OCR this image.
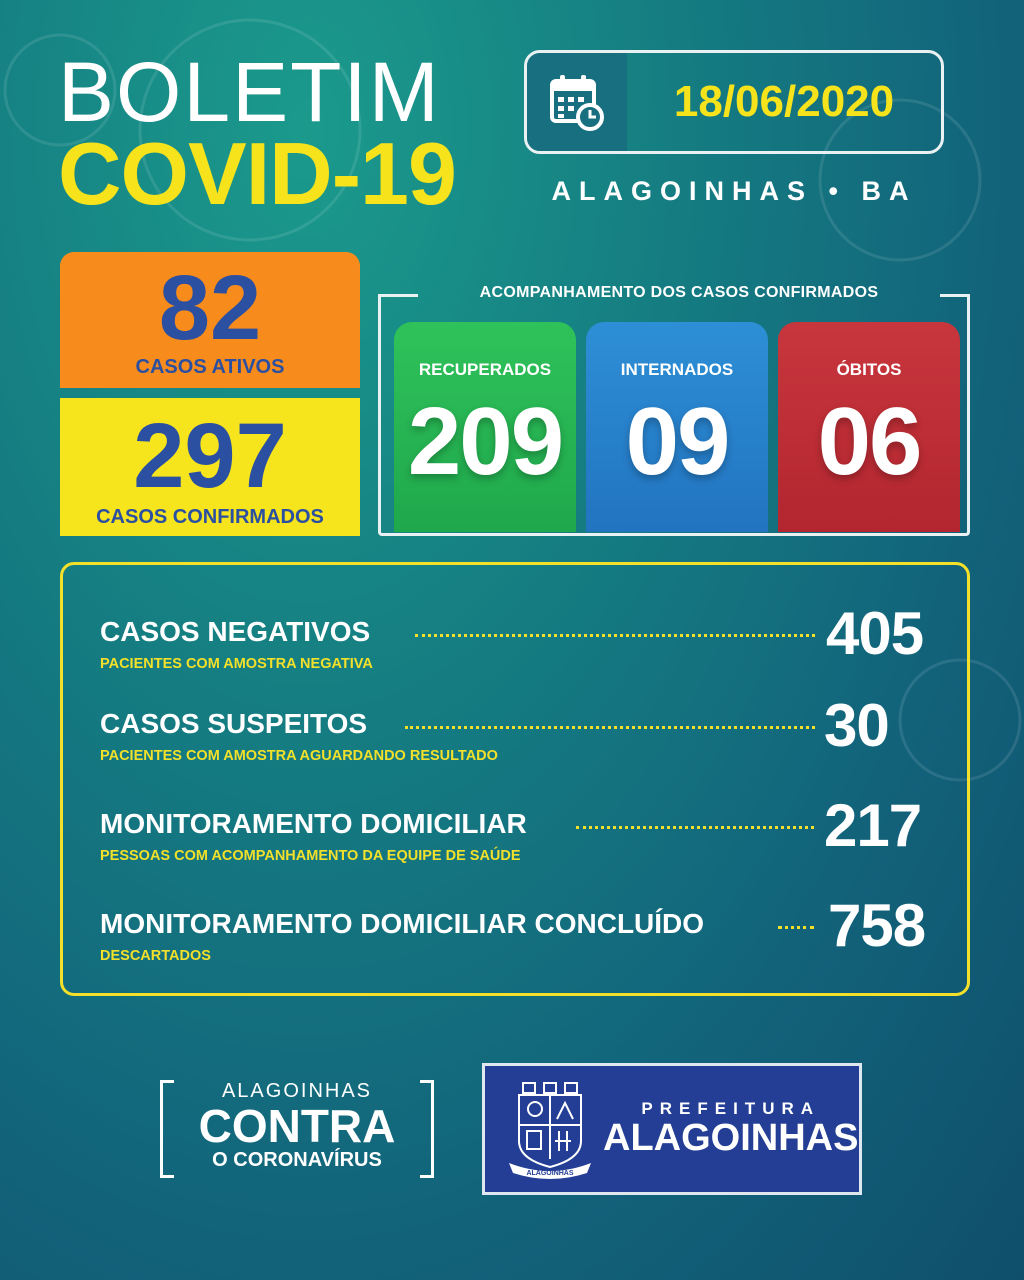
BOLETIM
COVID-19
18/06/2020
ALAGOINHAS • BA
82
CASOS ATIVOS
297
CASOS CONFIRMADOS
ACOMPANHAMENTO DOS CASOS CONFIRMADOS
RECUPERADOS
209
INTERNADOS
09
ÓBITOS
06
CASOS NEGATIVOS
PACIENTES COM AMOSTRA NEGATIVA	405
CASOS SUSPEITOS
PACIENTES COM AMOSTRA AGUARDANDO RESULTADO	30
MONITORAMENTO DOMICILIAR
PESSOAS COM ACOMPANHAMENTO DA EQUIPE DE SAÚDE	217
MONITORAMENTO DOMICILIAR CONCLUÍDO
DESCARTADOS	758
ALAGOINHAS
CONTRA
O CORONAVÍRUS
ALAGOINHAS
PREFEITURA
ALAGOINHAS
